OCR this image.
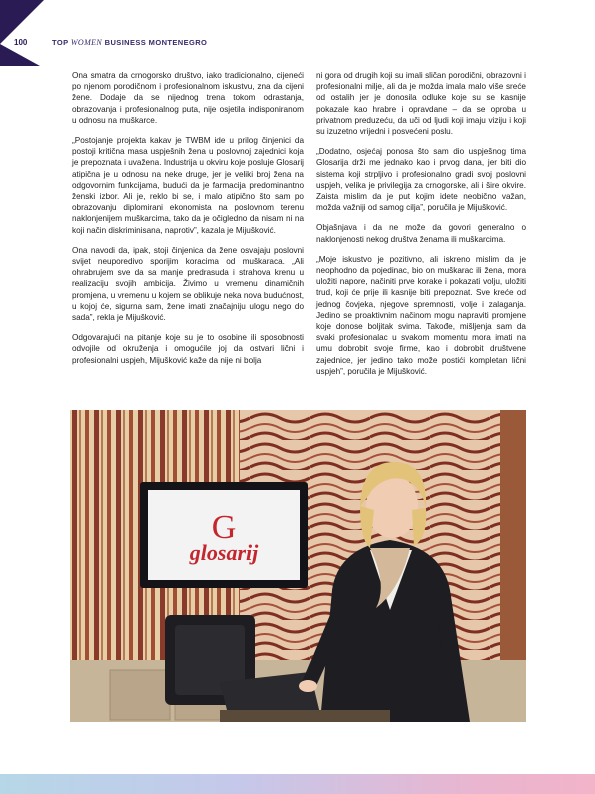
100	TOP WOMEN BUSINESS MONTENEGRO

Ona smatra da crnogorsko društvo, iako tradicionalno, cijeneći po njenom porodičnom i profesionalnom iskustvu, zna da cijeni žene. Dodaje da se nijednog trena tokom odrastanja, obrazovanja i profesionalnog puta, nije osjetila indisponiranom u odnosu na muškarce.

„Postojanje projekta kakav je TWBM ide u prilog činjenici da postoji kritična masa uspješnih žena u poslovnoj zajednici koja je prepoznata i uvažena. Industrija u okviru koje posluje Glosarij atipična je u odnosu na neke druge, jer je veliki broj žena na odgovornim funkcijama, budući da je farmacija predominantno ženski izbor. Ali je, reklo bi se, i malo atipično što sam po obrazovanju diplomirani ekonomista na poslovnom terenu naklonjenijem muškarcima, tako da je očigledno da nisam ni na koji način diskriminisana, naprotiv”, kazala je Mijušković.

Ona navodi da, ipak, stoji činjenica da žene osvajaju poslovni svijet neuporedivo sporijim koracima od muškaraca. „Ali ohrabrujem sve da sa manje predrasuda i strahova krenu u realizaciju svojih ambicija. Živimo u vremenu dinamičnih promjena, u vremenu u kojem se oblikuje neka nova budućnost, u kojoj će, sigurna sam, žene imati značajniju ulogu nego do sada”, rekla je Mijušković.

Odgovarajući na pitanje koje su je to osobine ili sposobnosti odvojile od okruženja i omogućile joj da ostvari lični i profesionalni uspjeh, Mijušković kaže da nije ni bolja

ni gora od drugih koji su imali sličan porodični, obrazovni i profesionalni milje, ali da je možda imala malo više sreće od ostalih jer je donosila odluke koje su se kasnije pokazale kao hrabre i opravdane – da se oproba u privatnom preduzeću, da uči od ljudi koji imaju viziju i koji su izuzetno vrijedni i posvećeni poslu.

„Dodatno, osjećaj ponosa što sam dio uspješnog tima Glosarija drži me jednako kao i prvog dana, jer biti dio sistema koji strpljivo i profesionalno gradi svoj poslovni uspjeh, velika je privilegija za crnogorske, ali i šire okvire. Zaista mislim da je put kojim idete neobično važan, možda važniji od samog cilja”, poručila je Mijušković.

Objašnjava i da ne može da govori generalno o naklonjenosti nekog društva ženama ili muškarcima.

„Moje iskustvo je pozitivno, ali iskreno mislim da je neophodno da pojedinac, bio on muškarac ili žena, mora uložiti napore, načiniti prve korake i pokazati volju, uložiti trud, koji će prije ili kasnije biti prepoznat. Sve kreće od jednog čovjeka, njegove spremnosti, volje i zalaganja. Jedino se proaktivnim načinom mogu napraviti promjene koje donose boljitak svima. Takođe, mišljenja sam da svaki profesionalac u svakom momentu mora imati na umu dobrobit svoje firme, kao i dobrobit društvene zajednice, jer jedino tako može postići kompletan lični uspjeh”, poručila je Mijušković.

G
glosarij
